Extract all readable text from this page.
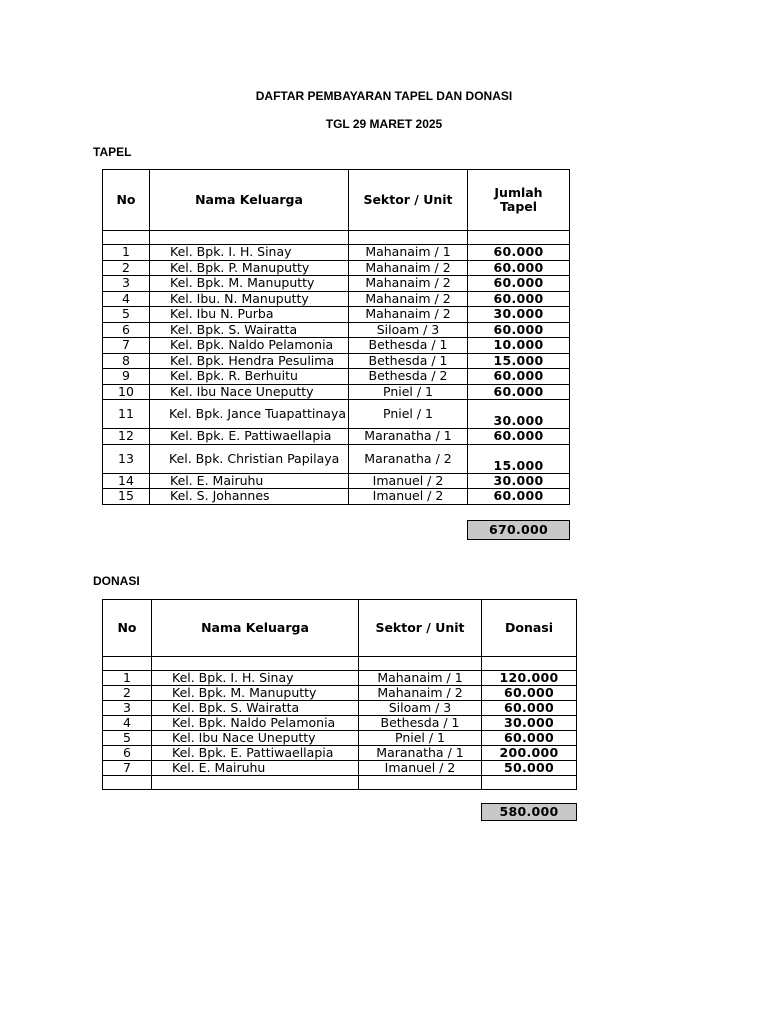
DAFTAR PEMBAYARAN TAPEL DAN DONASI
TGL 29 MARET 2025
TAPEL
No	Nama Keluarga	Sektor / Unit	Jumlah Tapel

1	Kel. Bpk. I. H. Sinay	Mahanaim / 1	60.000
2	Kel. Bpk. P. Manuputty	Mahanaim / 2	60.000
3	Kel. Bpk. M. Manuputty	Mahanaim / 2	60.000
4	Kel. Ibu. N. Manuputty	Mahanaim / 2	60.000
5	Kel. Ibu N. Purba	Mahanaim / 2	30.000
6	Kel. Bpk. S. Wairatta	Siloam / 3	60.000
7	Kel. Bpk. Naldo Pelamonia	Bethesda / 1	10.000
8	Kel. Bpk. Hendra Pesulima	Bethesda / 1	15.000
9	Kel. Bpk. R. Berhuitu	Bethesda / 2	60.000
10	Kel. Ibu Nace Uneputty	Pniel / 1	60.000
11	Kel. Bpk. Jance Tuapattinaya	Pniel / 1	30.000
12	Kel. Bpk. E. Pattiwaellapia	Maranatha / 1	60.000
13	Kel. Bpk. Christian Papilaya	Maranatha / 2	15.000
14	Kel. E. Mairuhu	Imanuel / 2	30.000
15	Kel. S. Johannes	Imanuel / 2	60.000
670.000
DONASI
No	Nama Keluarga	Sektor / Unit	Donasi

1	Kel. Bpk. I. H. Sinay	Mahanaim / 1	120.000
2	Kel. Bpk. M. Manuputty	Mahanaim / 2	60.000
3	Kel. Bpk. S. Wairatta	Siloam / 3	60.000
4	Kel. Bpk. Naldo Pelamonia	Bethesda / 1	30.000
5	Kel. Ibu Nace Uneputty	Pniel / 1	60.000
6	Kel. Bpk. E. Pattiwaellapia	Maranatha / 1	200.000
7	Kel. E. Mairuhu	Imanuel / 2	50.000

580.000
